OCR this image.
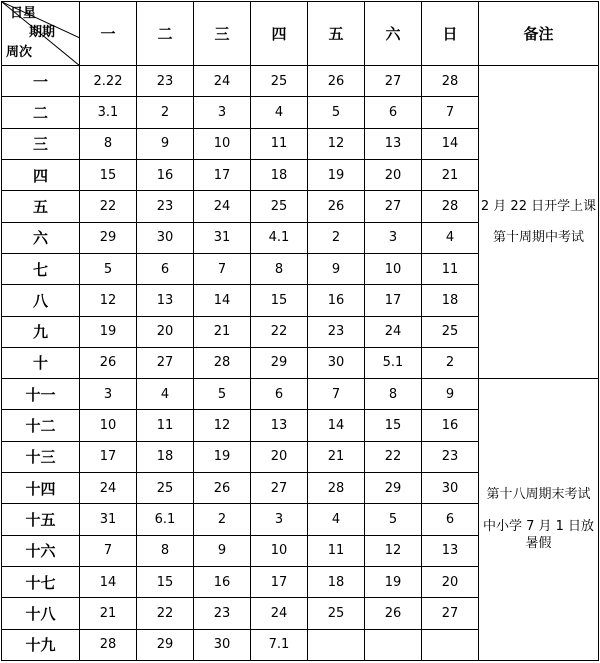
日星
期期
周次	一	二	三	四	五	六	日	备注
一	2.22	23	24	25	26	27	28	2 月 22 日开学上课
第十周期中考试

二	3.1	2	3	4	5	6	7	
三	8	9	10	11	12	13	14	
四	15	16	17	18	19	20	21	
五	22	23	24	25	26	27	28	
六	29	30	31	4.1	2	3	4	
七	5	6	7	8	9	10	11	
八	12	13	14	15	16	17	18	
九	19	20	21	22	23	24	25	
十	26	27	28	29	30	5.1	2	
十一	3	4	5	6	7	8	9	第十八周期末考试
中小学 7 月 1 日放暑假

十二	10	11	12	13	14	15	16	
十三	17	18	19	20	21	22	23	
十四	24	25	26	27	28	29	30	
十五	31	6.1	2	3	4	5	6	
十六	7	8	9	10	11	12	13	
十七	14	15	16	17	18	19	20	
十八	21	22	23	24	25	26	27	
十九	28	29	30	7.1				
